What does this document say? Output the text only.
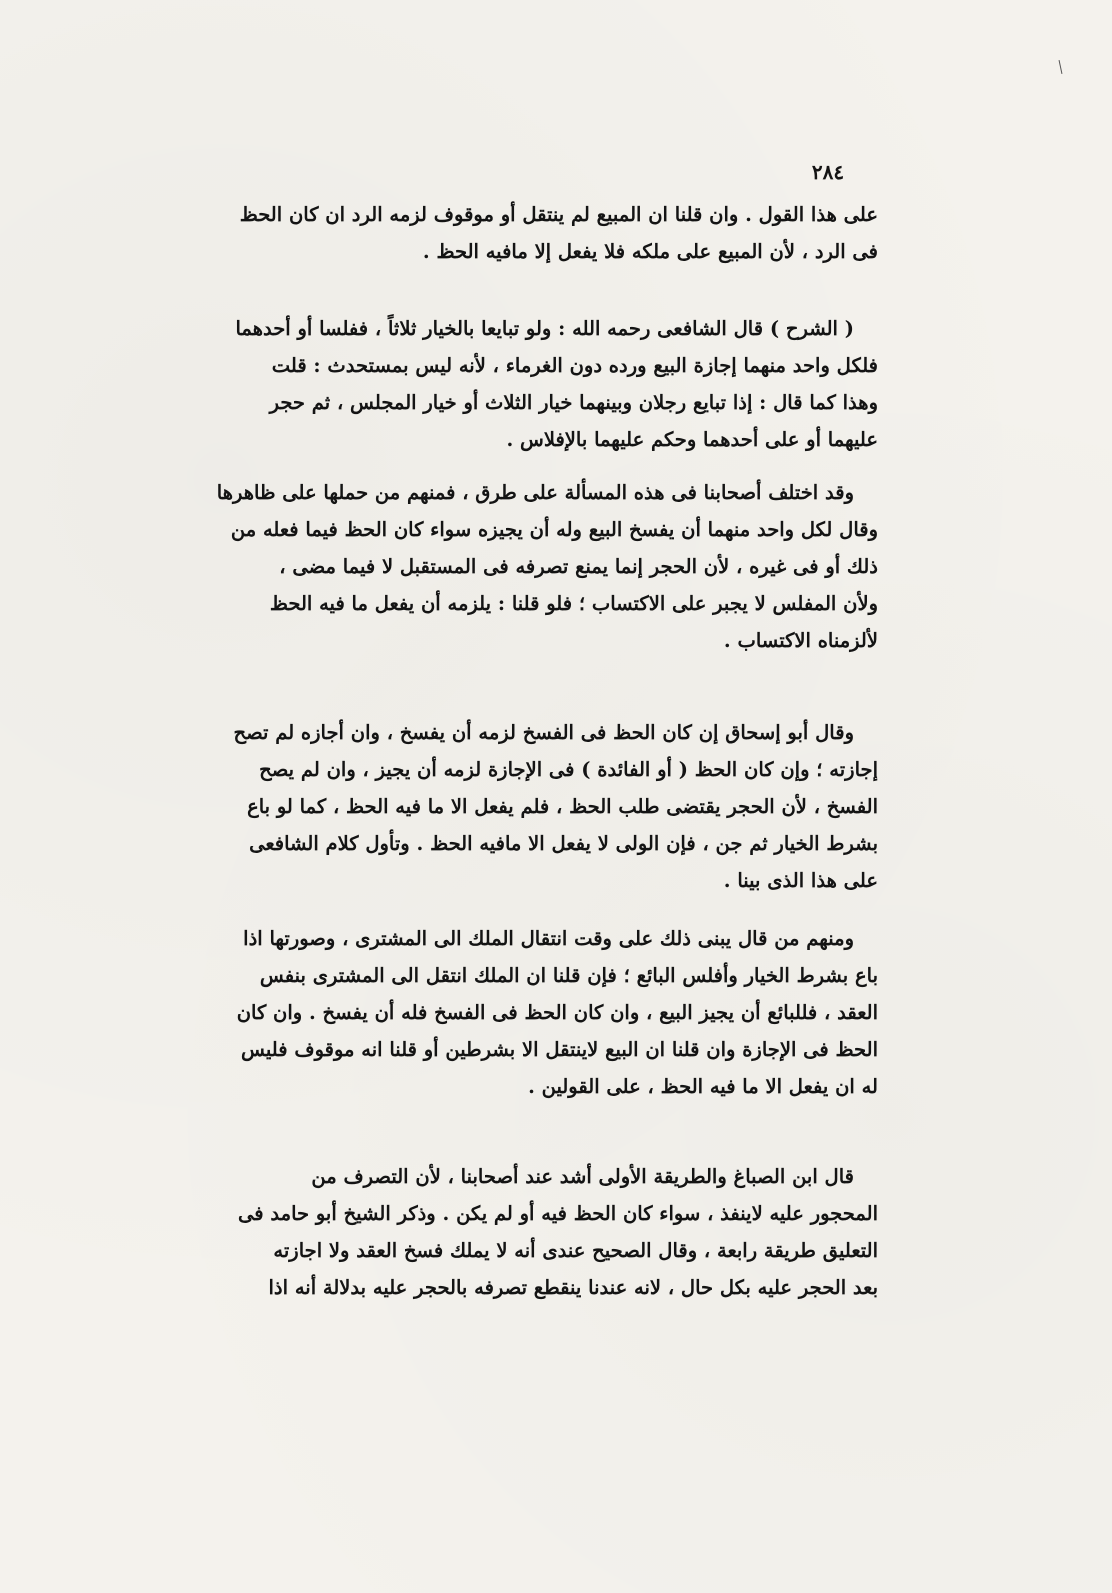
٢٨٤
على هذا القول . وان قلنا ان المبيع لم ينتقل أو موقوف لزمه الرد ان كان الحظ
فى الرد ، لأن المبيع على ملكه فلا يفعل إلا مافيه الحظ .
( الشرح ) قال الشافعى رحمه الله : ولو تبايعا بالخيار ثلاثاً ، ففلسا أو أحدهما
فلكل واحد منهما إجازة البيع ورده دون الغرماء ، لأنه ليس بمستحدث : قلت
وهذا كما قال : إذا تبايع رجلان وبينهما خيار الثلاث أو خيار المجلس ، ثم حجر
عليهما أو على أحدهما وحكم عليهما بالإفلاس .
وقد اختلف أصحابنا فى هذه المسألة على طرق ، فمنهم من حملها على ظاهرها
وقال لكل واحد منهما أن يفسخ البيع وله أن يجيزه سواء كان الحظ فيما فعله من
ذلك أو فى غيره ، لأن الحجر إنما يمنع تصرفه فى المستقبل لا فيما مضى ،
ولأن المفلس لا يجبر على الاكتساب ؛ فلو قلنا : يلزمه أن يفعل ما فيه الحظ
لألزمناه الاكتساب .
وقال أبو إسحاق إن كان الحظ فى الفسخ لزمه أن يفسخ ، وان أجازه لم تصح
إجازته ؛ وإن كان الحظ ( أو الفائدة ) فى الإجازة لزمه أن يجيز ، وان لم يصح
الفسخ ، لأن الحجر يقتضى طلب الحظ ، فلم يفعل الا ما فيه الحظ ، كما لو باع
بشرط الخيار ثم جن ، فإن الولى لا يفعل الا مافيه الحظ . وتأول كلام الشافعى
على هذا الذى بينا .
ومنهم من قال يبنى ذلك على وقت انتقال الملك الى المشترى ، وصورتها اذا
باع بشرط الخيار وأفلس البائع ؛ فإن قلنا ان الملك انتقل الى المشترى بنفس
العقد ، فللبائع أن يجيز البيع ، وان كان الحظ فى الفسخ فله أن يفسخ . وان كان
الحظ فى الإجازة وان قلنا ان البيع لاينتقل الا بشرطين أو قلنا انه موقوف فليس
له ان يفعل الا ما فيه الحظ ، على القولين .
قال ابن الصباغ والطريقة الأولى أشد عند أصحابنا ، لأن التصرف من
المحجور عليه لاينفذ ، سواء كان الحظ فيه أو لم يكن . وذكر الشيخ أبو حامد فى
التعليق طريقة رابعة ، وقال الصحيح عندى أنه لا يملك فسخ العقد ولا اجازته
بعد الحجر عليه بكل حال ، لانه عندنا ينقطع تصرفه بالحجر عليه بدلالة أنه اذا
